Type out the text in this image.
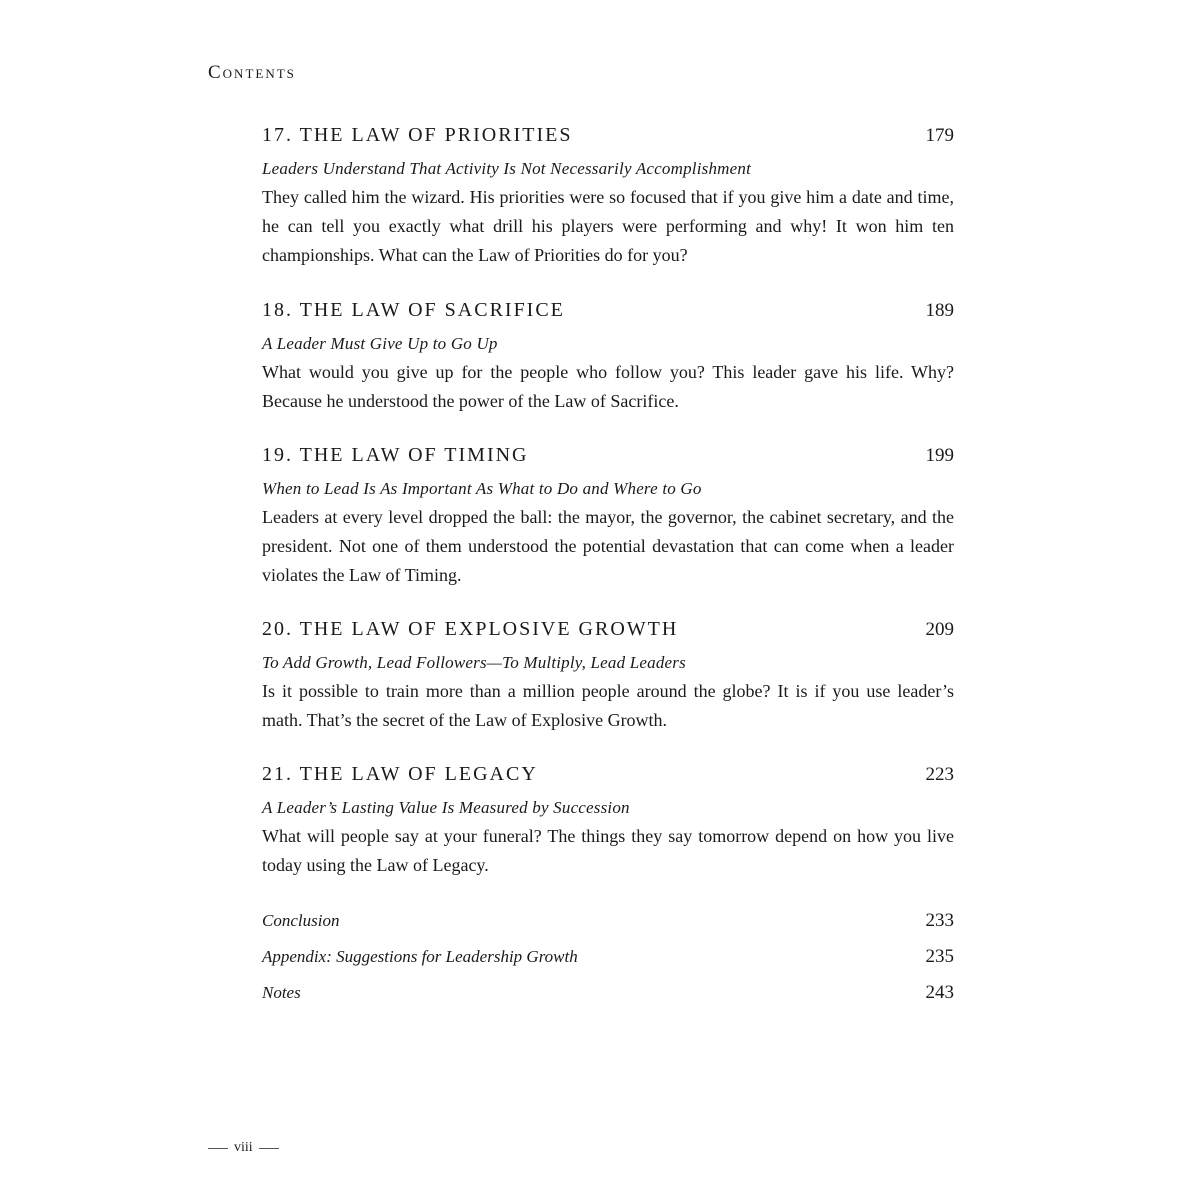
Contents
17. THE LAW OF PRIORITIES	179
Leaders Understand That Activity Is Not Necessarily Accomplishment
They called him the wizard. His priorities were so focused that if you give him a date and time, he can tell you exactly what drill his players were performing and why! It won him ten championships. What can the Law of Priorities do for you?
18. THE LAW OF SACRIFICE	189
A Leader Must Give Up to Go Up
What would you give up for the people who follow you? This leader gave his life. Why? Because he understood the power of the Law of Sacrifice.
19. THE LAW OF TIMING	199
When to Lead Is As Important As What to Do and Where to Go
Leaders at every level dropped the ball: the mayor, the governor, the cabinet secretary, and the president. Not one of them understood the potential devastation that can come when a leader violates the Law of Timing.
20. THE LAW OF EXPLOSIVE GROWTH	209
To Add Growth, Lead Followers—To Multiply, Lead Leaders
Is it possible to train more than a million people around the globe? It is if you use leader’s math. That’s the secret of the Law of Explosive Growth.
21. THE LAW OF LEGACY	223
A Leader’s Lasting Value Is Measured by Succession
What will people say at your funeral? The things they say tomorrow depend on how you live today using the Law of Legacy.
Conclusion	233
Appendix: Suggestions for Leadership Growth	235
Notes	243
viii
